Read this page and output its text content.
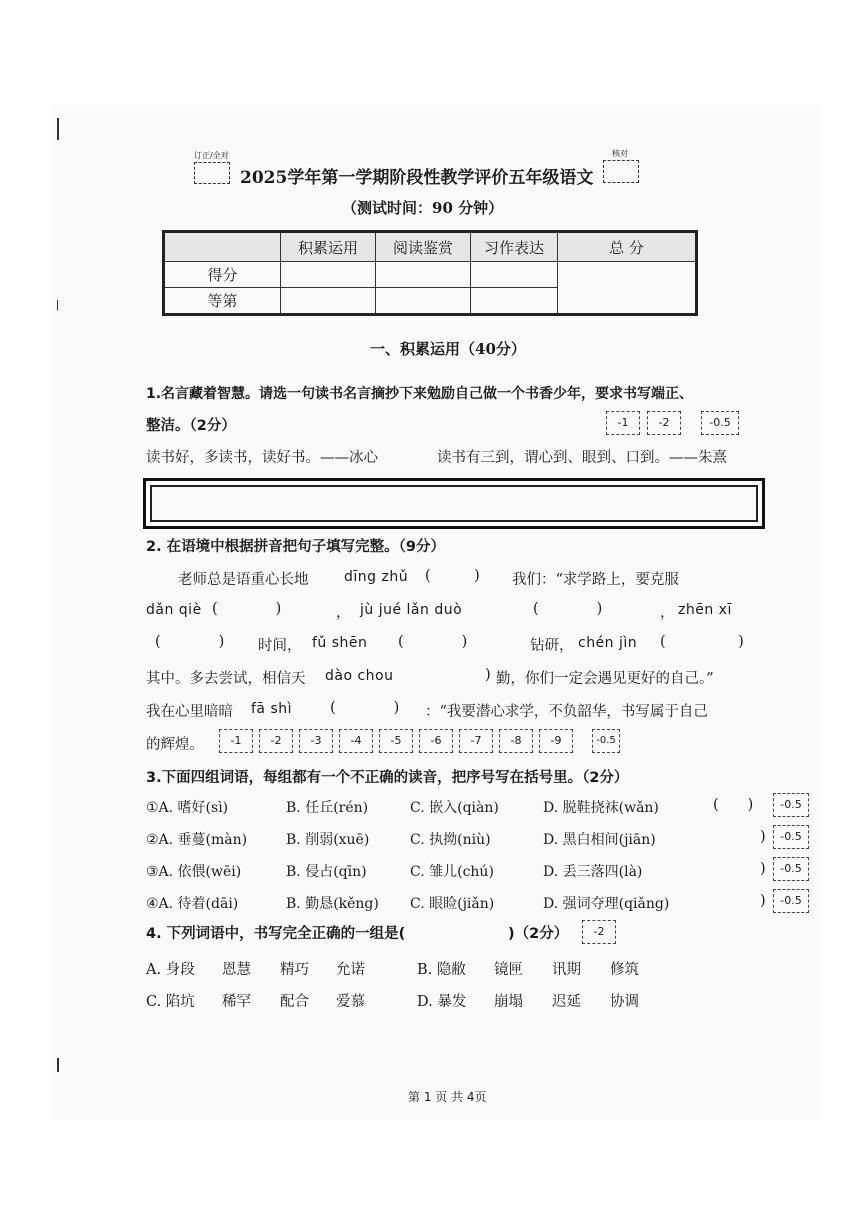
订正/全对
2025学年第一学期阶段性教学评价五年级语文
核对
（测试时间：90 分钟）
	积累运用	阅读鉴赏	习作表达	总 分
得分				
等第				
一、积累运用（40分）
1.名言藏着智慧。请选一句读书名言摘抄下来勉励自己做一个书香少年，要求书写端正、
整洁。（2分）	-1	-2	-0.5
读书好，多读书，读好书。——冰心	读书有三到，谓心到、眼到、口到。——朱熹
2. 在语境中根据拼音把句子填写完整。（9分）
老师总是语重心长地	dīng zhǔ (   ) 我们：“求学路上，要克服
dǎn qiè (    )	， jù jué lǎn duò	(    )	， zhēn xī
(    ) 时间， fǔ shēn (    )	钻研， chén jìn (     )
其中。多去尝试，相信天 dào chou	) 勤，你们一定会遇见更好的自己。”
我在心里暗暗 fā shì	(    ) ：“我要潜心求学，不负韶华，书写属于自己
的辉煌。	-1	-2	-3	-4	-5	-6	-7	-8	-9	-0.5
3.下面四组词语，每组都有一个不正确的读音，把序号写在括号里。（2分）
①A. 嗜好(sì)	B. 任丘(rén)	C. 嵌入(qiàn)	D. 脱鞋挠袜(wǎn)	(  )	-0.5
②A. 垂蔓(màn)	B. 削弱(xuē)	C. 执拗(niù)	D. 黑白相间(jiān)	)	-0.5
③A. 依偎(wēi)	B. 侵占(qīn)	C. 雏儿(chú)	D. 丢三落四(là)	)	-0.5
④A. 待着(dāi)	B. 勤恳(kěng) C. 眼睑(jiǎn)	D. 强词夺理(qiǎng)	)	-0.5
4. 下列词语中，书写完全正确的一组是(	)（2分）	-2
A. 身段 恩慧 精巧 允诺	B. 隐敝 镜匣 讯期 修筑
C. 陷坑 稀罕 配合 爱慕	D. 暴发 崩塌 迟延 协调
第 1 页 共 4页
